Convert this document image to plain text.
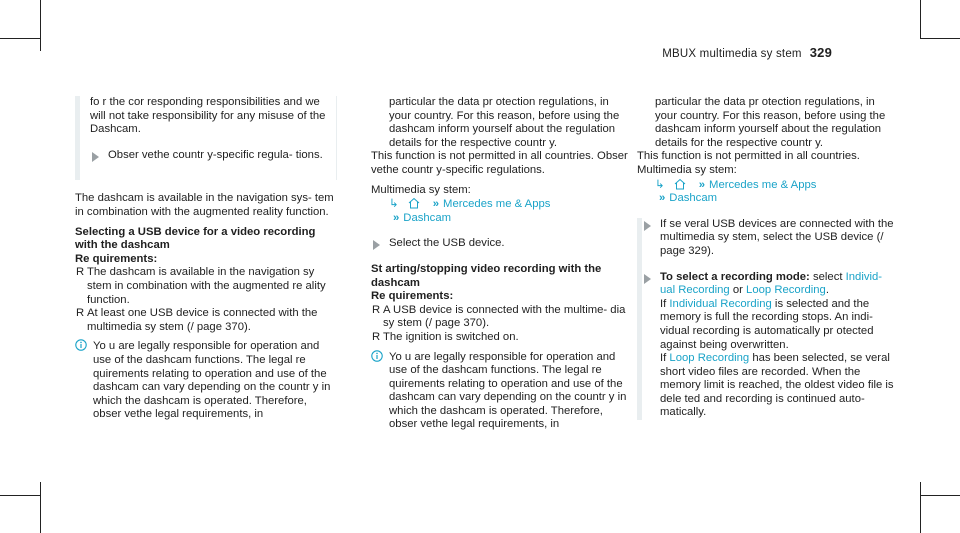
MBUX multimedia sy stem 329

fo r the cor responding responsibilities and we will not take responsibility for any misuse of the Dashcam.

Obser vethe countr y-specific regula‐ tions.

The dashcam is available in the navigation sys‐ tem in combination with the augmented reality function.

Selecting a USB device for a video recording with the dashcam

Re quirements:

R The dashcam is available in the navigation sy stem in combination with the augmented re ality function.
R At least one USB device is connected with the multimedia sy stem (/ page 370).
Yo u are legally responsible for operation and use of the dashcam functions. The legal re quirements relating to operation and use of the dashcam can vary depending on the countr y in which the dashcam is operated. Therefore, obser vethe legal requirements, in
particular the data pr otection regulations, in your country. For this reason, before using the dashcam inform yourself about the regulation details for the respective countr y.

This function is not permitted in all countries. Obser vethe countr y-specific regulations.

Multimedia sy stem:

↳	» Mercedes me & Apps
» Dashcam
Select the USB device.

St arting/stopping video recording with the dashcam

Re quirements:

R A USB device is connected with the multime‐ dia sy stem (/ page 370).
R The ignition is switched on.
Yo u are legally responsible for operation and use of the dashcam functions. The legal re quirements relating to operation and use of the dashcam can vary depending on the countr y in which the dashcam is operated. Therefore, obser vethe legal requirements, in
particular the data pr otection regulations, in your country. For this reason, before using the dashcam inform yourself about the regulation details for the respective countr y.

This function is not permitted in all countries.

Multimedia sy stem:

↳	» Mercedes me & Apps
» Dashcam
If se veral USB devices are connected with the multimedia sy stem, select the USB device (/ page 329).
To select a recording mode: select Individ‐ ual Recording or Loop Recording.
If Individual Recording is selected and the memory is full the recording stops. An indi‐ vidual recording is automatically pr otected against being overwritten.
If Loop Recording has been selected, se veral short video files are recorded. When the memory limit is reached, the oldest video file is dele ted and recording is continued auto‐ matically.
